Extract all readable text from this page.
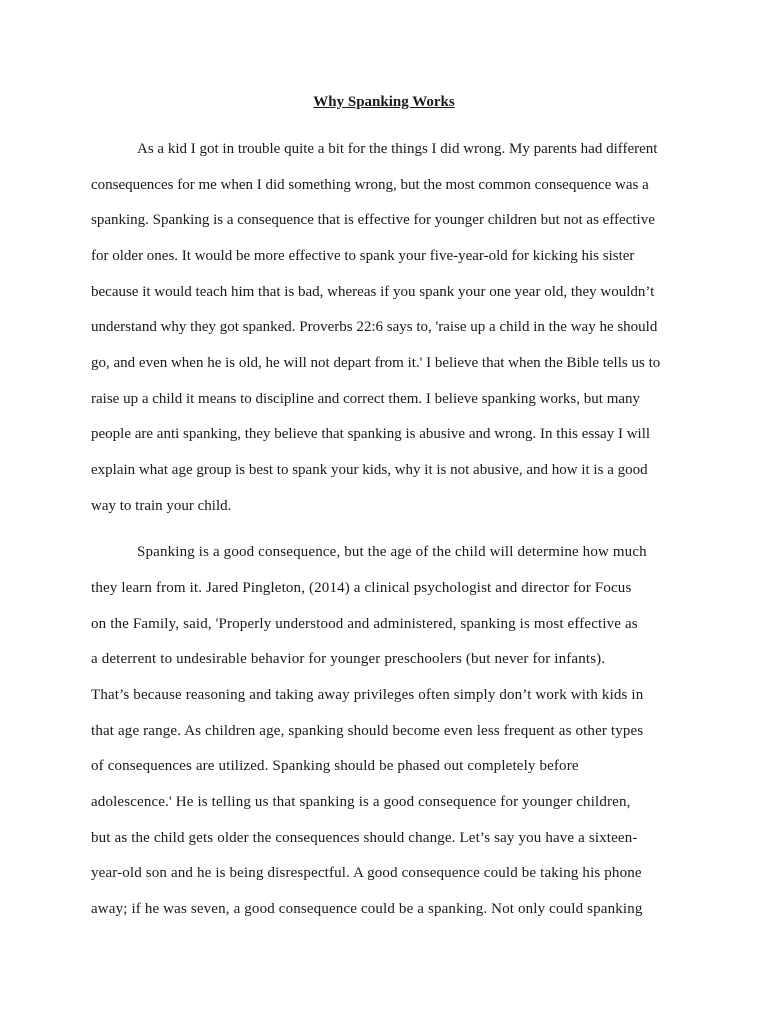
Why Spanking Works
As a kid I got in trouble quite a bit for the things I did wrong. My parents had different
consequences for me when I did something wrong, but the most common consequence was a
spanking. Spanking is a consequence that is effective for younger children but not as effective
for older ones. It would be more effective to spank your five-year-old for kicking his sister
because it would teach him that is bad, whereas if you spank your one year old, they wouldn’t
understand why they got spanked. Proverbs 22:6 says to, 'raise up a child in the way he should
go, and even when he is old, he will not depart from it.' I believe that when the Bible tells us to
raise up a child it means to discipline and correct them. I believe spanking works, but many
people are anti spanking, they believe that spanking is abusive and wrong. In this essay I will
explain what age group is best to spank your kids, why it is not abusive, and how it is a good
way to train your child.
Spanking is a good consequence, but the age of the child will determine how much
they learn from it. Jared Pingleton, (2014) a clinical psychologist and director for Focus
on the Family, said, 'Properly understood and administered, spanking is most effective as
a deterrent to undesirable behavior for younger preschoolers (but never for infants).
That’s because reasoning and taking away privileges often simply don’t work with kids in
that age range. As children age, spanking should become even less frequent as other types
of consequences are utilized. Spanking should be phased out completely before
adolescence.' He is telling us that spanking is a good consequence for younger children,
but as the child gets older the consequences should change. Let’s say you have a sixteen-
year-old son and he is being disrespectful. A good consequence could be taking his phone
away; if he was seven, a good consequence could be a spanking. Not only could spanking
